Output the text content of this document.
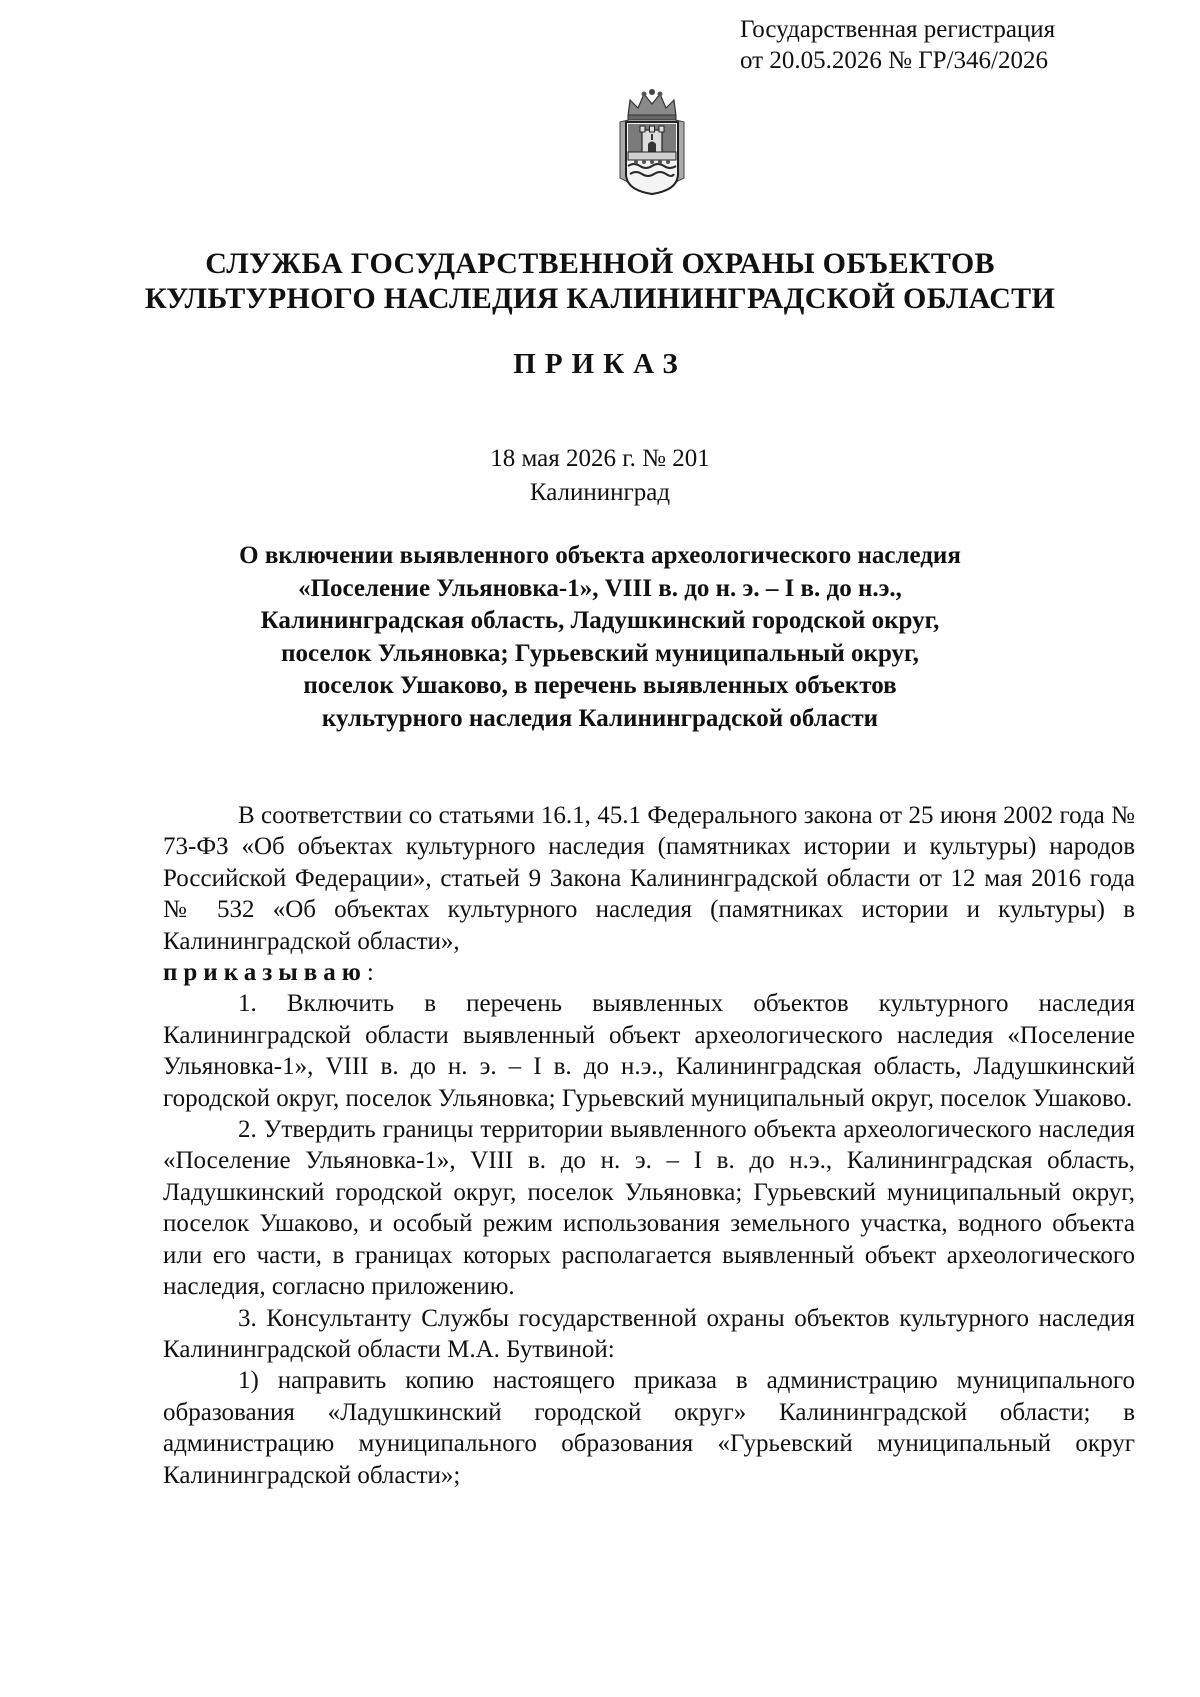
Государственная регистрация
от 20.05.2026 № ГР/346/2026
СЛУЖБА ГОСУДАРСТВЕННОЙ ОХРАНЫ ОБЪЕКТОВ
КУЛЬТУРНОГО НАСЛЕДИЯ КАЛИНИНГРАДСКОЙ ОБЛАСТИ
ПРИКАЗ
18 мая 2026 г. № 201
Калининград
О включении выявленного объекта археологического наследия
«Поселение Ульяновка-1», VIII в. до н. э. – I в. до н.э.,
Калининградская область, Ладушкинский городской округ,
поселок Ульяновка; Гурьевский муниципальный округ,
поселок Ушаково, в перечень выявленных объектов
культурного наследия Калининградской области

В соответствии со статьями 16.1, 45.1 Федерального закона от 25 июня 2002 года № 73-ФЗ «Об объектах культурного наследия (памятниках истории и культуры) народов Российской Федерации», статьей 9 Закона Калининградской области от 12 мая 2016 года № 532 «Об объектах культурного наследия (памятниках истории и культуры) в Калининградской области»,

приказываю:

1. Включить в перечень выявленных объектов культурного наследия Калининградской области выявленный объект археологического наследия «Поселение Ульяновка-1», VIII в. до н. э. – I в. до н.э., Калининградская область, Ладушкинский городской округ, поселок Ульяновка; Гурьевский муниципальный округ, поселок Ушаково.

2. Утвердить границы территории выявленного объекта археологического наследия «Поселение Ульяновка-1», VIII в. до н. э. – I в. до н.э., Калининградская область, Ладушкинский городской округ, поселок Ульяновка; Гурьевский муниципальный округ, поселок Ушаково, и особый режим использования земельного участка, водного объекта или его части, в границах которых располагается выявленный объект археологического наследия, согласно приложению.

3. Консультанту Службы государственной охраны объектов культурного наследия Калининградской области М.А. Бутвиной:

1) направить копию настоящего приказа в администрацию муниципального образования «Ладушкинский городской округ» Калининградской области; в администрацию муниципального образования «Гурьевский муниципальный округ Калининградской области»;
